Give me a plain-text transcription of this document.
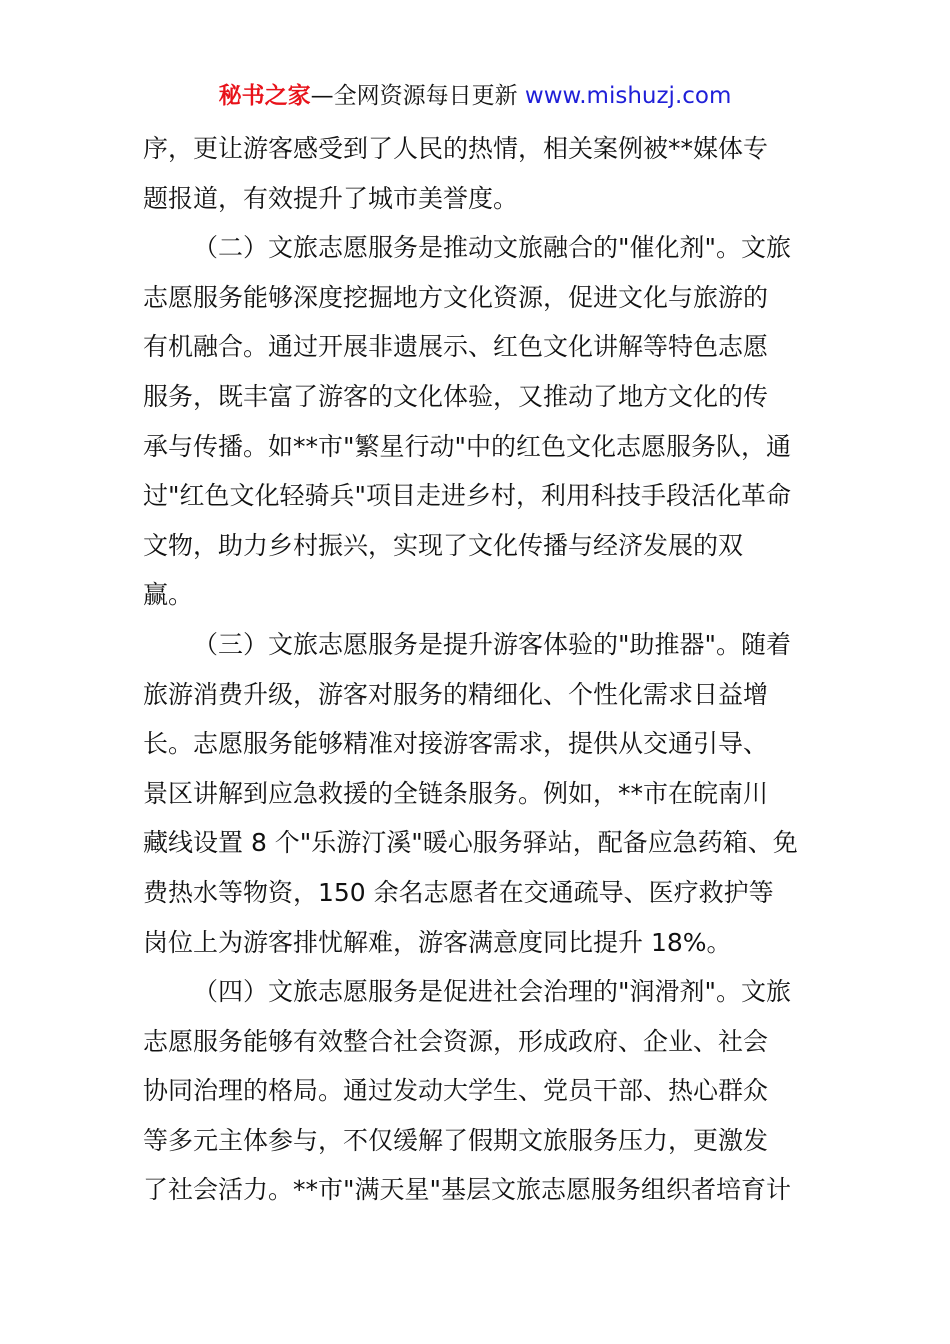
秘书之家—全网资源每日更新 www.mishuzj.com
序，更让游客感受到了人民的热情，相关案例被**媒体专
题报道，有效提升了城市美誉度。
（二）文旅志愿服务是推动文旅融合的"催化剂"。文旅
志愿服务能够深度挖掘地方文化资源，促进文化与旅游的
有机融合。通过开展非遗展示、红色文化讲解等特色志愿
服务，既丰富了游客的文化体验，又推动了地方文化的传
承与传播。如**市"繁星行动"中的红色文化志愿服务队，通
过"红色文化轻骑兵"项目走进乡村，利用科技手段活化革命
文物，助力乡村振兴，实现了文化传播与经济发展的双
赢。
（三）文旅志愿服务是提升游客体验的"助推器"。随着
旅游消费升级，游客对服务的精细化、个性化需求日益增
长。志愿服务能够精准对接游客需求，提供从交通引导、
景区讲解到应急救援的全链条服务。例如，**市在皖南川
藏线设置 8 个"乐游汀溪"暖心服务驿站，配备应急药箱、免
费热水等物资，150 余名志愿者在交通疏导、医疗救护等
岗位上为游客排忧解难，游客满意度同比提升 18%。
（四）文旅志愿服务是促进社会治理的"润滑剂"。文旅
志愿服务能够有效整合社会资源，形成政府、企业、社会
协同治理的格局。通过发动大学生、党员干部、热心群众
等多元主体参与，不仅缓解了假期文旅服务压力，更激发
了社会活力。**市"满天星"基层文旅志愿服务组织者培育计
